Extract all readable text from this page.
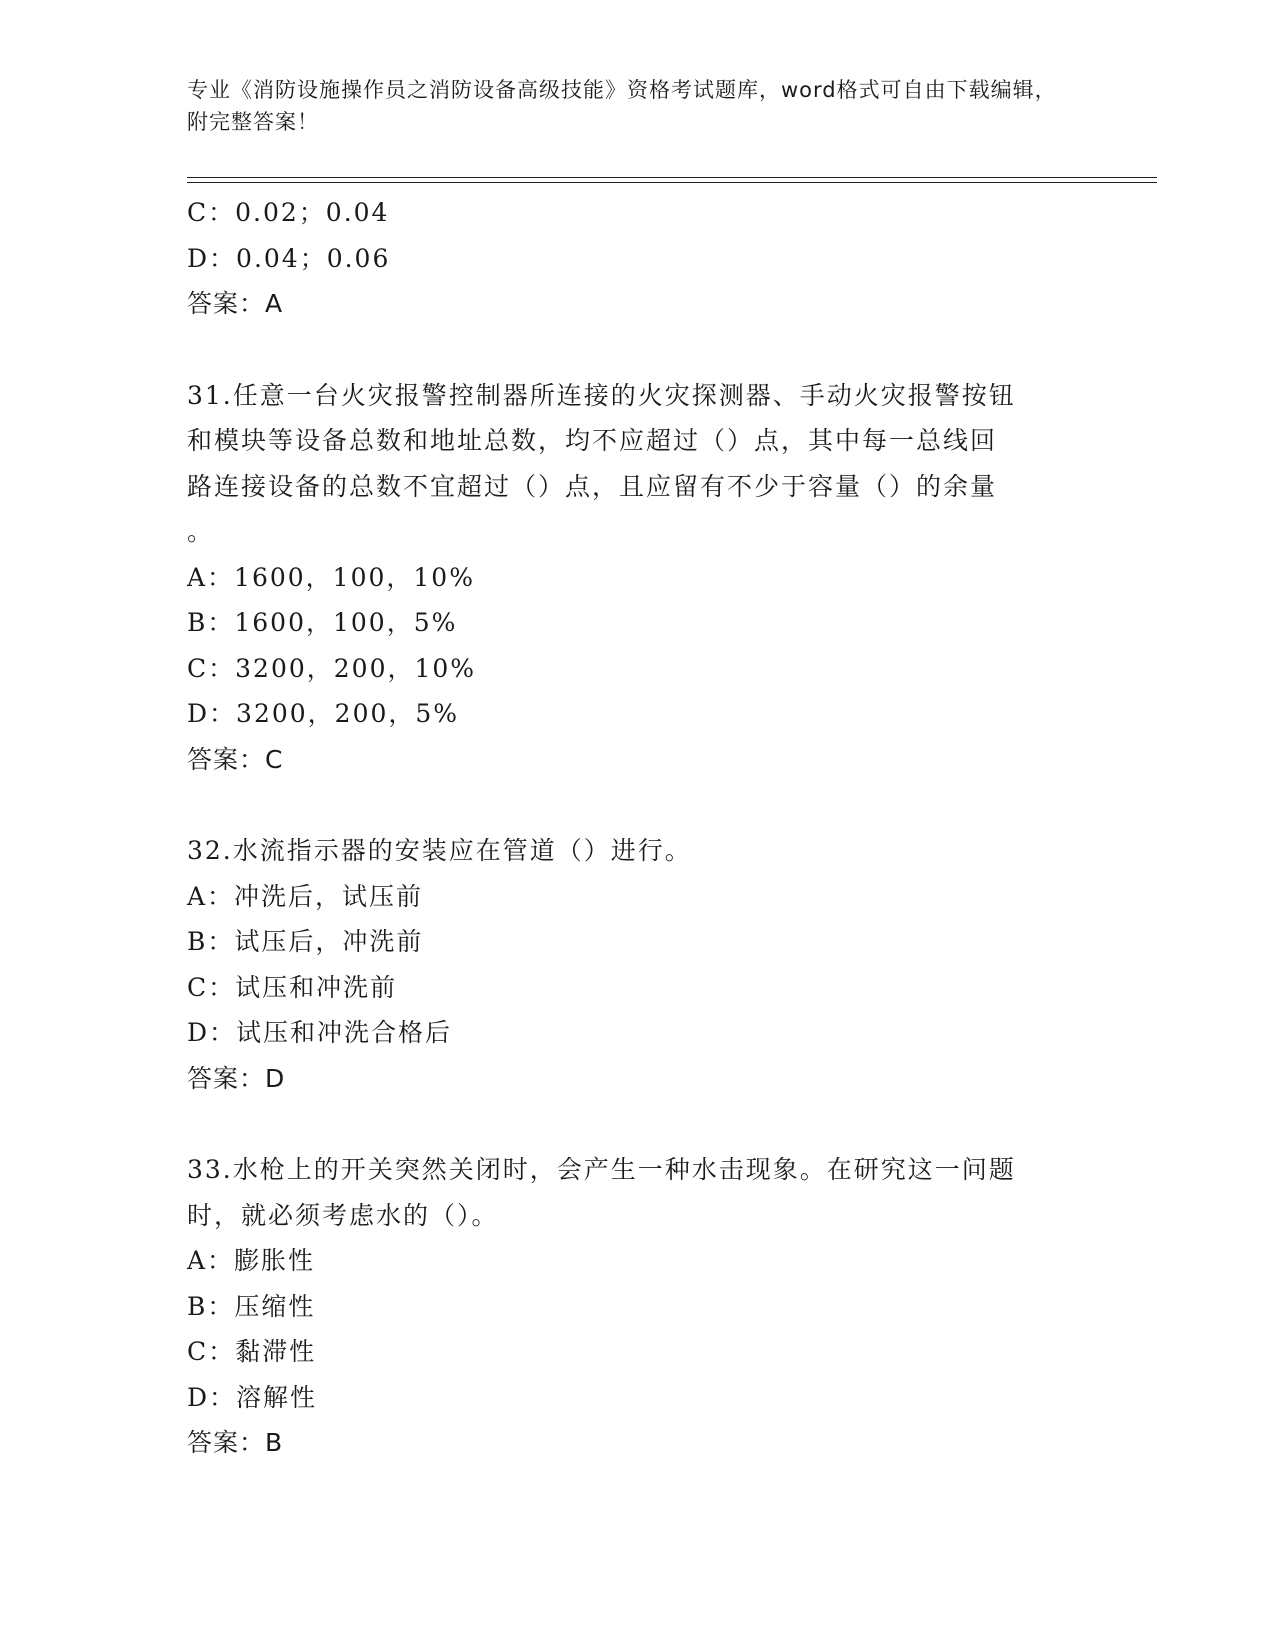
专业《消防设施操作员之消防设备高级技能》资格考试题库，word格式可自由下载编辑，附完整答案！
C：0.02；0.04
D：0.04；0.06
答案：A
31.任意一台火灾报警控制器所连接的火灾探测器、手动火灾报警按钮
和模块等设备总数和地址总数，均不应超过（）点，其中每一总线回
路连接设备的总数不宜超过（）点，且应留有不少于容量（）的余量
。
A：1600，100，10%
B：1600，100，5%
C：3200，200，10%
D：3200，200，5%
答案：C
32.水流指示器的安装应在管道（）进行。
A：冲洗后，试压前
B：试压后，冲洗前
C：试压和冲洗前
D：试压和冲洗合格后
答案：D
33.水枪上的开关突然关闭时，会产生一种水击现象。在研究这一问题
时，就必须考虑水的（）。
A：膨胀性
B：压缩性
C：黏滞性
D：溶解性
答案：B
